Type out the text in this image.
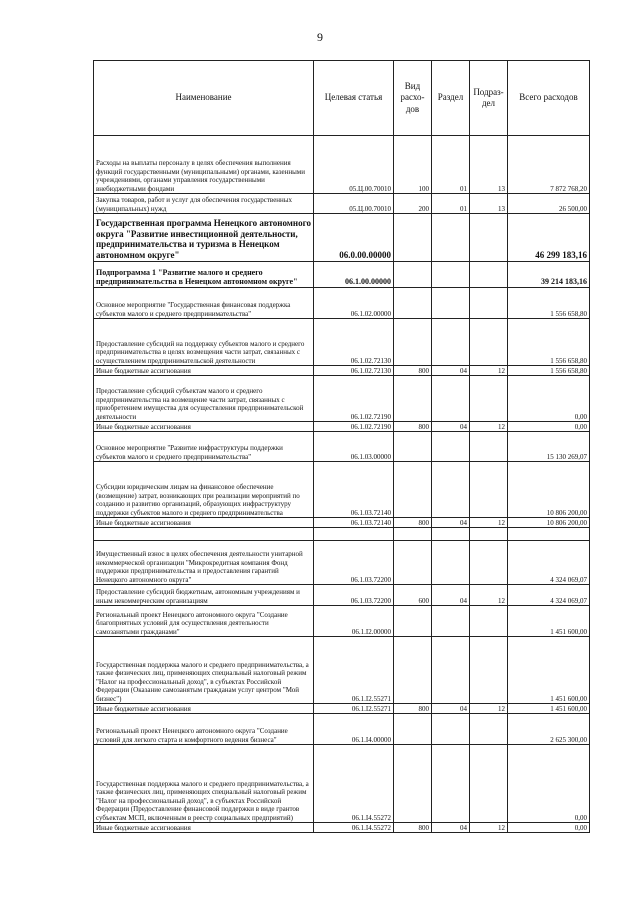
9
Наименование	Целевая статья	Вид расхо-дов	Раздел	Подраз-дел	Всего расходов
Расходы на выплаты персоналу в целях обеспечения выполнения функций государственными (муниципальными) органами, казенными учреждениями, органами управления государственными внебюджетными фондами	05.Ц.00.70010	100	01	13	7 872 768,20
Закупка товаров, работ и услуг для обеспечения государственных (муниципальных) нужд	05.Ц.00.70010	200	01	13	26 500,00
Государственная программа Ненецкого автономного округа "Развитие инвестиционной деятельности, предпринимательства и туризма в Ненецком автономном округе"	06.0.00.00000				46 299 183,16
Подпрограмма 1 "Развитие малого и среднего предпринимательства в Ненецком автономном округе"	06.1.00.00000				39 214 183,16
Основное мероприятие "Государственная финансовая поддержка субъектов малого и среднего предпринимательства"	06.1.02.00000				1 556 658,80
Предоставление субсидий на поддержку субъектов малого и среднего предпринимательства в целях возмещения части затрат, связанных с осуществлением предпринимательской деятельности	06.1.02.72130				1 556 658,80
Иные бюджетные ассигнования	06.1.02.72130	800	04	12	1 556 658,80
Предоставление субсидий субъектам малого и среднего предпринимательства на возмещение части затрат, связанных с приобретением имущества для осуществления предпринимательской деятельности	06.1.02.72190				0,00
Иные бюджетные ассигнования	06.1.02.72190	800	04	12	0,00
Основное мероприятие "Развитие инфраструктуры поддержки субъектов малого и среднего предпринимательства"	06.1.03.00000				15 130 269,07
Субсидии юридическим лицам на финансовое обеспечение (возмещение) затрат, возникающих при реализации мероприятий по созданию и развитию организаций, образующих инфраструктуру поддержки субъектов малого и среднего предпринимательства	06.1.03.72140				10 806 200,00
Иные бюджетные ассигнования	06.1.03.72140	800	04	12	10 806 200,00

Имущественный взнос в целях обеспечения деятельности унитарной некоммерческой организации "Микрокредитная компания Фонд поддержки предпринимательства и предоставления гарантий Ненецкого автономного округа"	06.1.03.72200				4 324 069,07
Предоставление субсидий бюджетным, автономным учреждениям и иным некоммерческим организациям	06.1.03.72200	600	04	12	4 324 069,07
Региональный проект Ненецкого автономного округа "Создание благоприятных условий для осуществления деятельности самозанятыми гражданами"	06.1.I2.00000				1 451 600,00
Государственная поддержка малого и среднего предпринимательства, а также физических лиц, применяющих специальный налоговый режим "Налог на профессиональный доход", в субъектах Российской Федерации (Оказание самозанятым гражданам услуг центром "Мой бизнес")	06.1.I2.55271				1 451 600,00
Иные бюджетные ассигнования	06.1.I2.55271	800	04	12	1 451 600,00
Региональный проект Ненецкого автономного округа "Создание условий для легкого старта и комфортного ведения бизнеса"	06.1.I4.00000				2 625 300,00
Государственная поддержка малого и среднего предпринимательства, а также физических лиц, применяющих специальный налоговый режим "Налог на профессиональный доход", в субъектах Российской Федерации (Предоставление финансовой поддержки в виде грантов субъектам МСП, включенным в реестр социальных предприятий)	06.1.I4.55272				0,00
Иные бюджетные ассигнования	06.1.I4.55272	800	04	12	0,00
